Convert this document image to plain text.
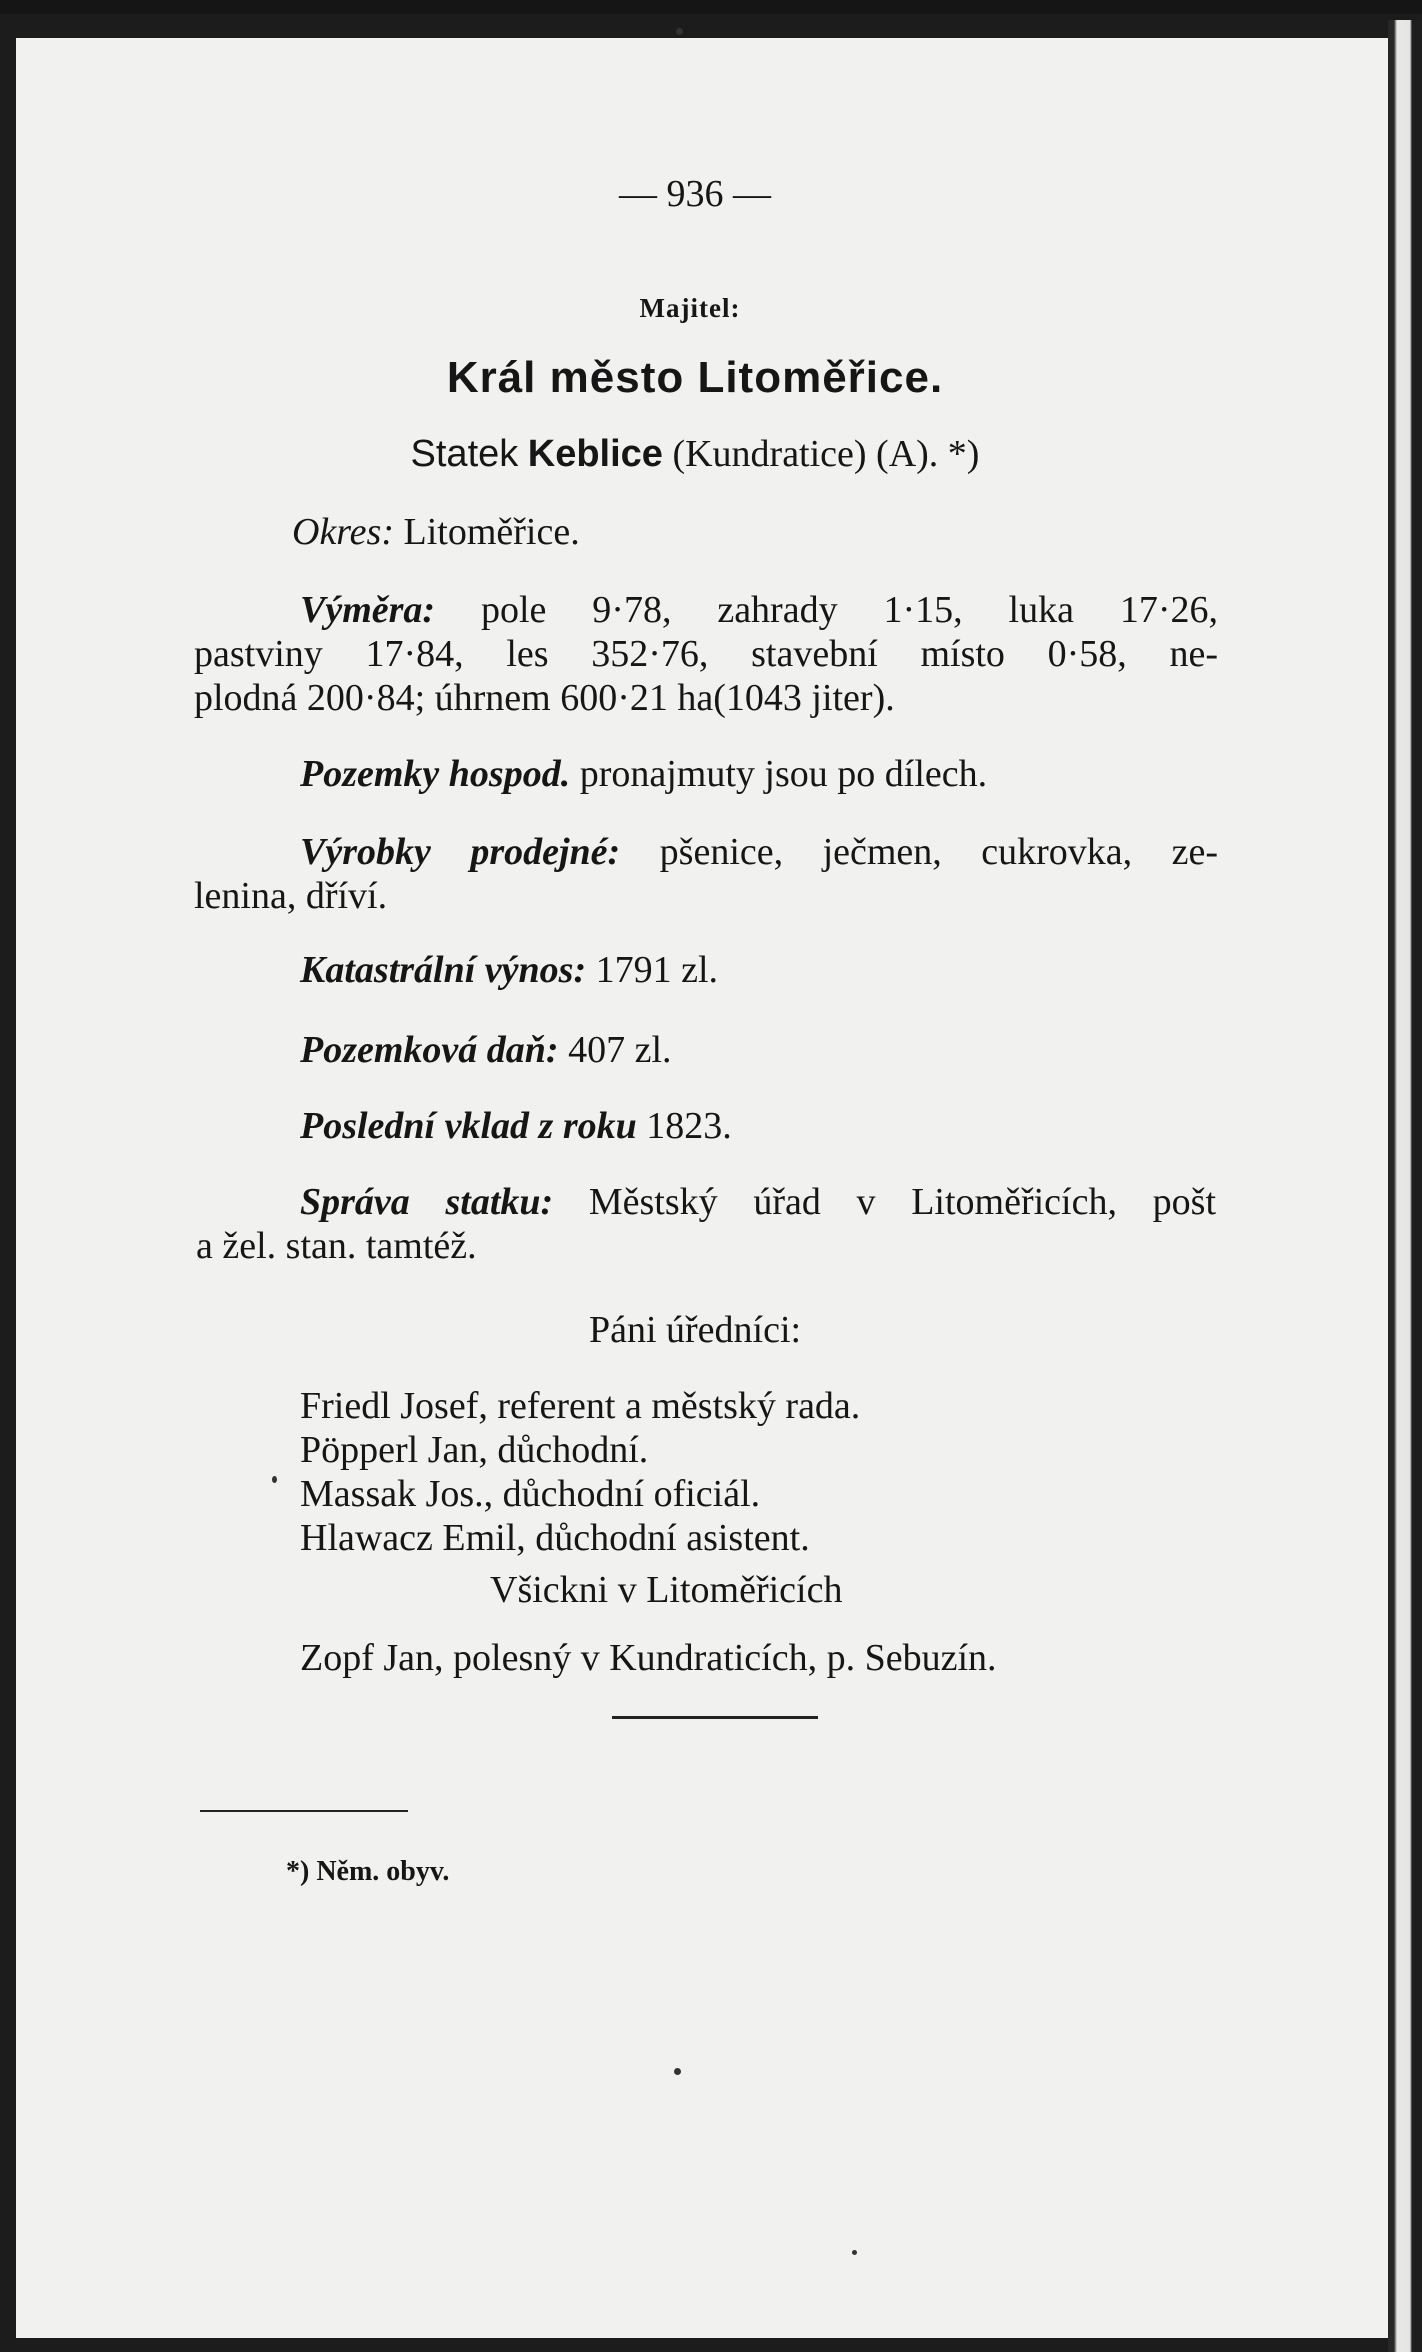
— 936 —
Majitel:
Král město Litoměřice.
Statek Keblice (Kundratice) (A). *)
Okres: Litoměřice.
Výměra: pole 9·78, zahrady 1·15, luka 17·26,
pastviny 17·84, les 352·76, stavební místo 0·58, ne-
plodná 200·84; úhrnem 600·21 ha(1043 jiter).
Pozemky hospod. pronajmuty jsou po dílech.
Výrobky prodejné: pšenice, ječmen, cukrovka, ze-
lenina, dříví.
Katastrální výnos: 1791 zl.
Pozemková daň: 407 zl.
Poslední vklad z roku 1823.
Správa statku: Městský úřad v Litoměřicích, pošt
a žel. stan. tamtéž.
Páni úředníci:
Friedl Josef, referent a městský rada.
Pöpperl Jan, důchodní.
Massak Jos., důchodní oficiál.
Hlawacz Emil, důchodní asistent.
Všickni v Litoměřicích
Zopf Jan, polesný v Kundraticích, p. Sebuzín.
*) Něm. obyv.
